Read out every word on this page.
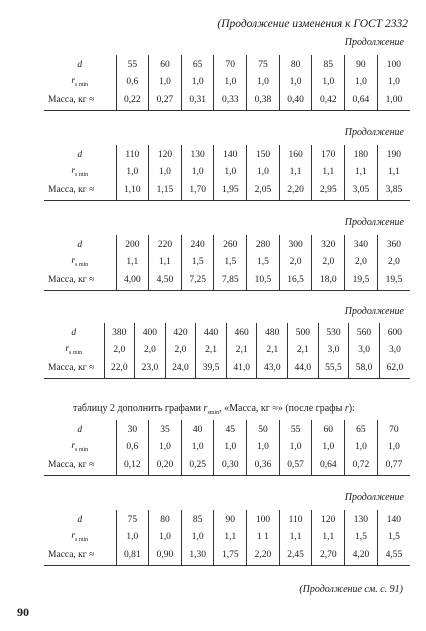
(Продолжение изменения к ГОСТ 2332
Продолжение
d	55	60	65	70	75	80	85	90	100
$r_{s min}$	0,6	1,0	1,0	1,0	1,0	1,0	1,0	1,0	1,0
Масса, кг ≈	0,22	0,27	0,31	0,33	0,38	0,40	0,42	0,64	1,00
Продолжение
d	110	120	130	140	150	160	170	180	190
$r_{s min}$	1,0	1,0	1,0	1,0	1,0	1,1	1,1	1,1	1,1
Масса, кг ≈	1,10	1,15	1,70	1,95	2,05	2,20	2,95	3,05	3,85
Продолжение
d	200	220	240	260	280	300	320	340	360
$r_{s min}$	1,1	1,1	1,5	1,5	1,5	2,0	2,0	2,0	2,0
Масса, кг ≈	4,00	4,50	7,25	7,85	10,5	16,5	18,0	19,5	19,5
Продолжение
d	380	400	420	440	460	480	500	530	560	600
$r_{s min}$	2,0	2,0	2,0	2,1	2,1	2,1	2,1	3,0	3,0	3,0
Масса, кг ≈	22,0	23,0	24,0	39,5	41,0	43,0	44,0	55,5	58,0	62,0
таблицу 2 дополнить графами $r_{smin}$, «Масса, кг ≈» (после графы r):
d	30	35	40	45	50	55	60	65	70
$r_{s min}$	0,6	1,0	1,0	1,0	1,0	1,0	1,0	1,0	1,0
Масса, кг ≈	0,12	0,20	0,25	0,30	0,36	0,57	0,64	0,72	0,77
Продолжение
d	75	80	85	90	100	110	120	130	140
$r_{s min}$	1,0	1,0	1,0	1,1	1 1	1,1	1,1	1,5	1,5
Масса, кг ≈	0,81	0,90	1,30	1,75	2,20	2,45	2,70	4,20	4,55
(Продолжение см. с. 91)
90
